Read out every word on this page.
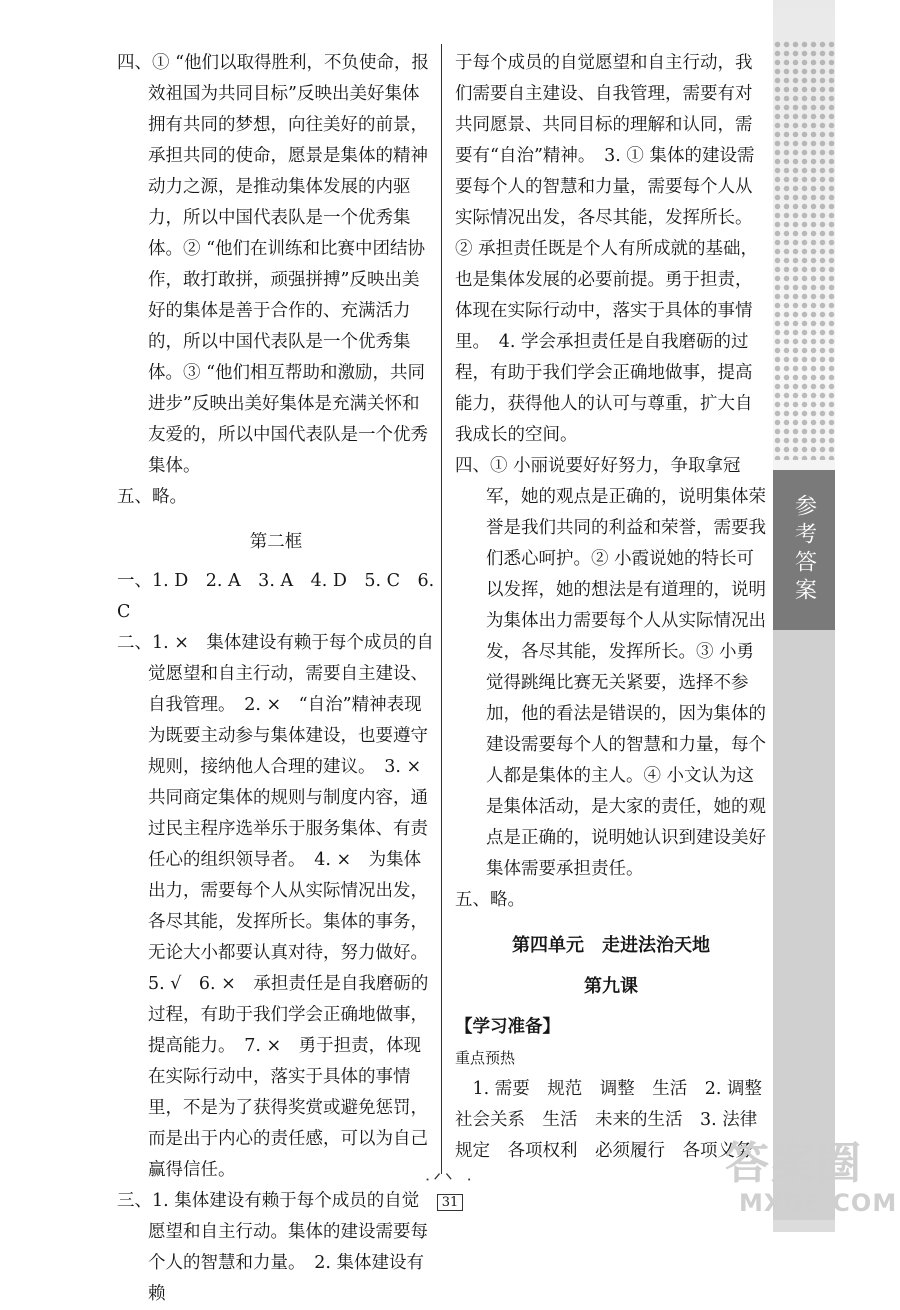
参考答案

四、① “他们以取得胜利，不负使命，报效祖国为共同目标”反映出美好集体拥有共同的梦想，向往美好的前景，承担共同的使命，愿景是集体的精神动力之源，是推动集体发展的内驱力，所以中国代表队是一个优秀集体。② “他们在训练和比赛中团结协作，敢打敢拼，顽强拼搏”反映出美好的集体是善于合作的、充满活力的，所以中国代表队是一个优秀集体。③ “他们相互帮助和激励，共同进步”反映出美好集体是充满关怀和友爱的，所以中国代表队是一个优秀集体。

五、略。

第二框

一、1. D　2. A　3. A　4. D　5. C　6. C

二、1. ×　集体建设有赖于每个成员的自觉愿望和自主行动，需要自主建设、自我管理。　2. ×　“自治”精神表现为既要主动参与集体建设，也要遵守规则，接纳他人合理的建议。　3. ×　共同商定集体的规则与制度内容，通过民主程序选举乐于服务集体、有责任心的组织领导者。　4. ×　为集体出力，需要每个人从实际情况出发，各尽其能，发挥所长。集体的事务，无论大小都要认真对待，努力做好。　5. √　6. ×　承担责任是自我磨砺的过程，有助于我们学会正确地做事，提高能力。　7. ×　勇于担责，体现在实际行动中，落实于具体的事情里，不是为了获得奖赏或避免惩罚，而是出于内心的责任感，可以为自己赢得信任。

三、1. 集体建设有赖于每个成员的自觉愿望和自主行动。集体的建设需要每个人的智慧和力量。　2. 集体建设有赖

于每个成员的自觉愿望和自主行动，我们需要自主建设、自我管理，需要有对共同愿景、共同目标的理解和认同，需要有“自治”精神。　3. ① 集体的建设需要每个人的智慧和力量，需要每个人从实际情况出发，各尽其能，发挥所长。② 承担责任既是个人有所成就的基础，也是集体发展的必要前提。勇于担责，体现在实际行动中，落实于具体的事情里。　4. 学会承担责任是自我磨砺的过程，有助于我们学会正确地做事，提高能力，获得他人的认可与尊重，扩大自我成长的空间。

四、① 小丽说要好好努力，争取拿冠军，她的观点是正确的，说明集体荣誉是我们共同的利益和荣誉，需要我们悉心呵护。② 小霞说她的特长可以发挥，她的想法是有道理的，说明为集体出力需要每个人从实际情况出发，各尽其能，发挥所长。③ 小勇觉得跳绳比赛无关紧要，选择不参加，他的看法是错误的，因为集体的建设需要每个人的智慧和力量，每个人都是集体的主人。④ 小文认为这是集体活动，是大家的责任，她的观点是正确的，说明她认识到建设美好集体需要承担责任。

五、略。

第四单元　走进法治天地

第九课

【学习准备】

重点预热

　1. 需要　规范　调整　生活　2. 调整社会关系　生活　未来的生活　3. 法律规定　各项权利　必须履行　各项义务

ᐧᐟᐠ ᐧ
31
答案圈
MXQE.COM
